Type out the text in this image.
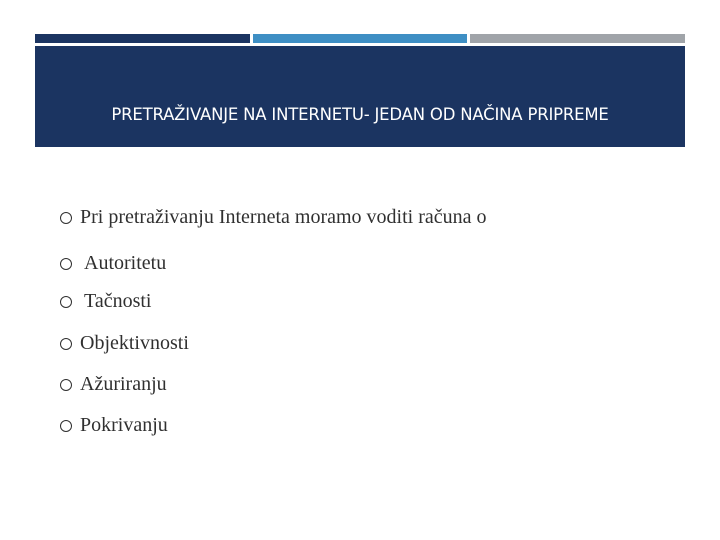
PRETRAŽIVANJE NA INTERNETU- JEDAN OD NAČINA PRIPREME
Pri pretraživanju Interneta moramo voditi računa o
Autoritetu
Tačnosti
Objektivnosti
Ažuriranju
Pokrivanju
